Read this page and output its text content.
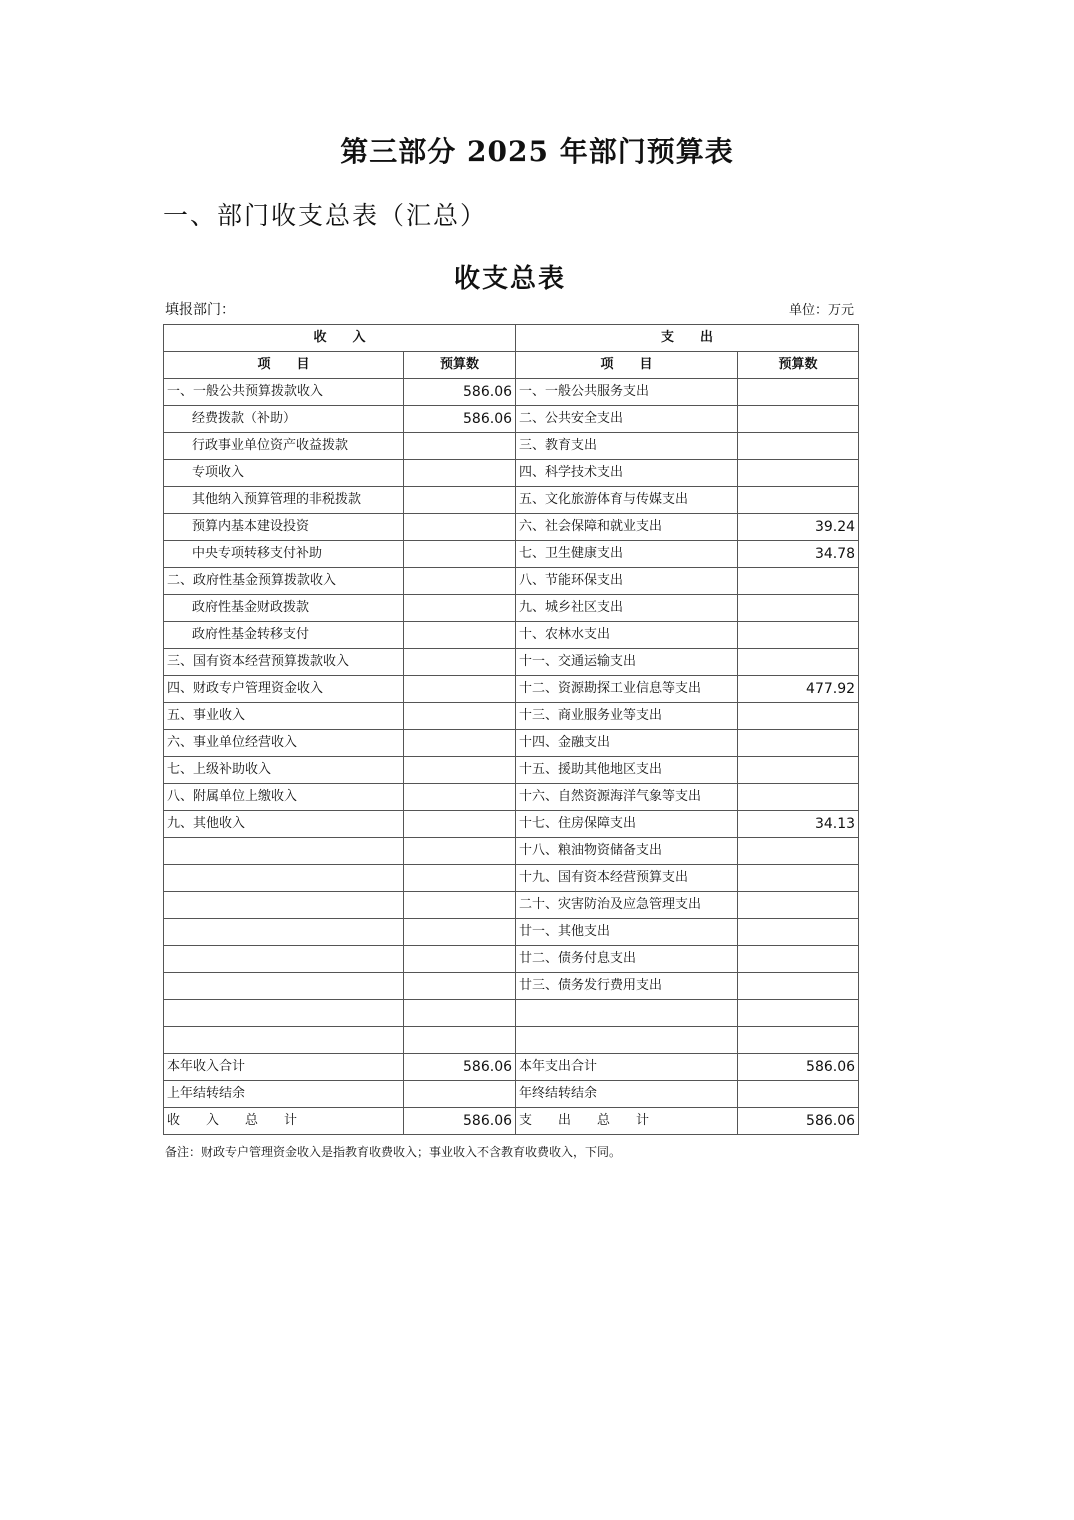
第三部分 2025 年部门预算表
一、部门收支总表（汇总）
收支总表
填报部门：	单位：万元
收　　入		支　　出	
项　　目	预算数	项　　目	预算数
一、一般公共预算拨款收入	586.06	一、一般公共服务支出	
经费拨款（补助）	586.06	二、公共安全支出	
行政事业单位资产收益拨款		三、教育支出	
专项收入		四、科学技术支出	
其他纳入预算管理的非税拨款		五、文化旅游体育与传媒支出	
预算内基本建设投资		六、社会保障和就业支出	39.24
中央专项转移支付补助		七、卫生健康支出	34.78
二、政府性基金预算拨款收入		八、节能环保支出	
政府性基金财政拨款		九、城乡社区支出	
政府性基金转移支付		十、农林水支出	
三、国有资本经营预算拨款收入		十一、交通运输支出	
四、财政专户管理资金收入		十二、资源勘探工业信息等支出	477.92
五、事业收入		十三、商业服务业等支出	
六、事业单位经营收入		十四、金融支出	
七、上级补助收入		十五、援助其他地区支出	
八、附属单位上缴收入		十六、自然资源海洋气象等支出	
九、其他收入		十七、住房保障支出	34.13
		十八、粮油物资储备支出	
		十九、国有资本经营预算支出	
		二十、灾害防治及应急管理支出	
		廿一、其他支出	
		廿二、债务付息支出	
		廿三、债务发行费用支出	

本年收入合计	586.06	本年支出合计	586.06
上年结转结余		年终结转结余	
收　　入　　总　　计	586.06	支　　出　　总　　计	586.06
备注：财政专户管理资金收入是指教育收费收入；事业收入不含教育收费收入，下同。
